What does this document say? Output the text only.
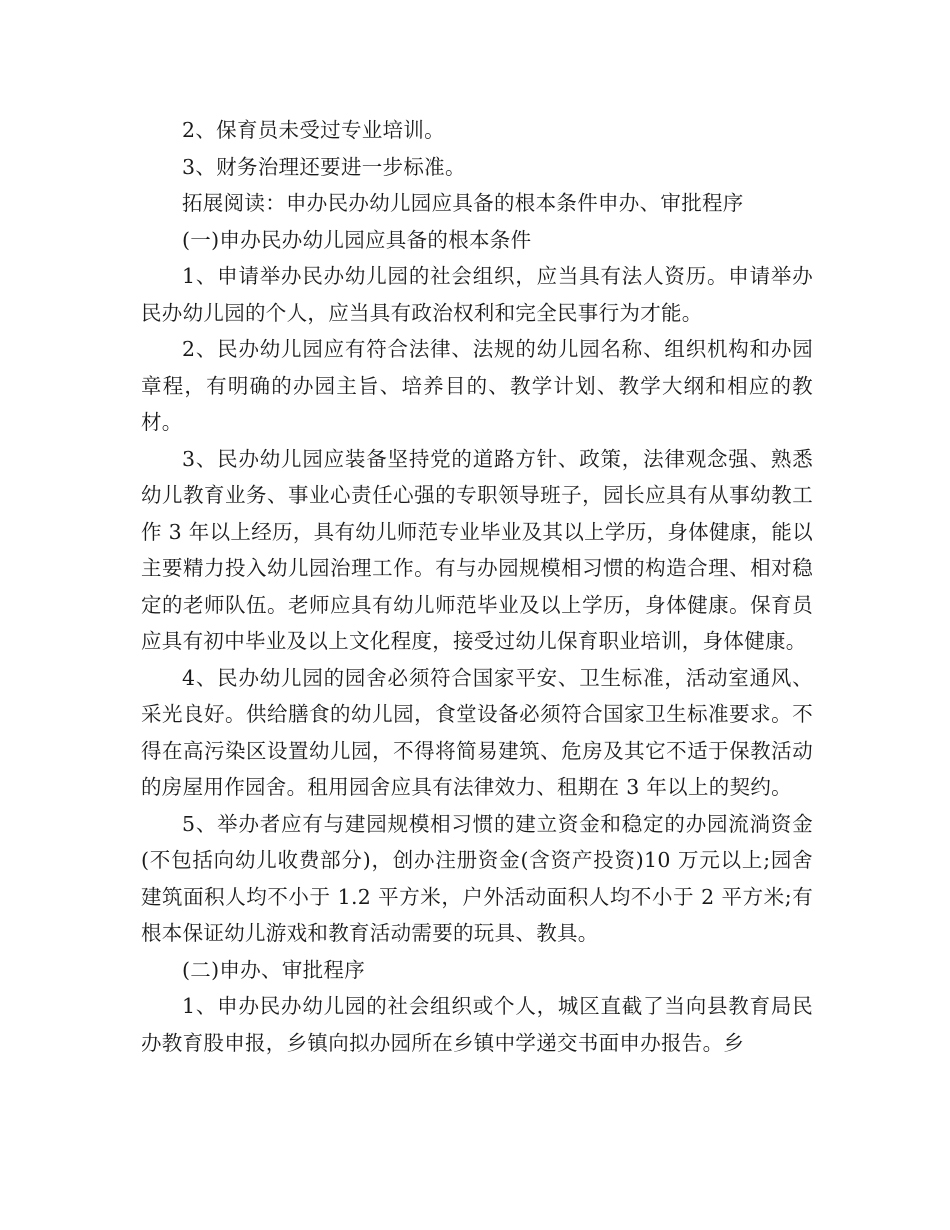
2、保育员未受过专业培训。

3、财务治理还要进一步标准。

拓展阅读：申办民办幼儿园应具备的根本条件申办、审批程序

(一)申办民办幼儿园应具备的根本条件

1、申请举办民办幼儿园的社会组织，应当具有法人资历。申请举办民办幼儿园的个人，应当具有政治权利和完全民事行为才能。

2、民办幼儿园应有符合法律、法规的幼儿园名称、组织机构和办园章程，有明确的办园主旨、培养目的、教学计划、教学大纲和相应的教材。

3、民办幼儿园应装备坚持党的道路方针、政策，法律观念强、熟悉幼儿教育业务、事业心责任心强的专职领导班子，园长应具有从事幼教工作 3 年以上经历，具有幼儿师范专业毕业及其以上学历，身体健康，能以主要精力投入幼儿园治理工作。有与办园规模相习惯的构造合理、相对稳定的老师队伍。老师应具有幼儿师范毕业及以上学历，身体健康。保育员应具有初中毕业及以上文化程度，接受过幼儿保育职业培训，身体健康。

4、民办幼儿园的园舍必须符合国家平安、卫生标准，活动室通风、采光良好。供给膳食的幼儿园，食堂设备必须符合国家卫生标准要求。不得在高污染区设置幼儿园，不得将简易建筑、危房及其它不适于保教活动的房屋用作园舍。租用园舍应具有法律效力、租期在 3 年以上的契约。

5、举办者应有与建园规模相习惯的建立资金和稳定的办园流淌资金(不包括向幼儿收费部分)，创办注册资金(含资产投资)10 万元以上;园舍建筑面积人均不小于 1.2 平方米，户外活动面积人均不小于 2 平方米;有根本保证幼儿游戏和教育活动需要的玩具、教具。

(二)申办、审批程序

1、申办民办幼儿园的社会组织或个人，城区直截了当向县教育局民办教育股申报，乡镇向拟办园所在乡镇中学递交书面申办报告。乡
